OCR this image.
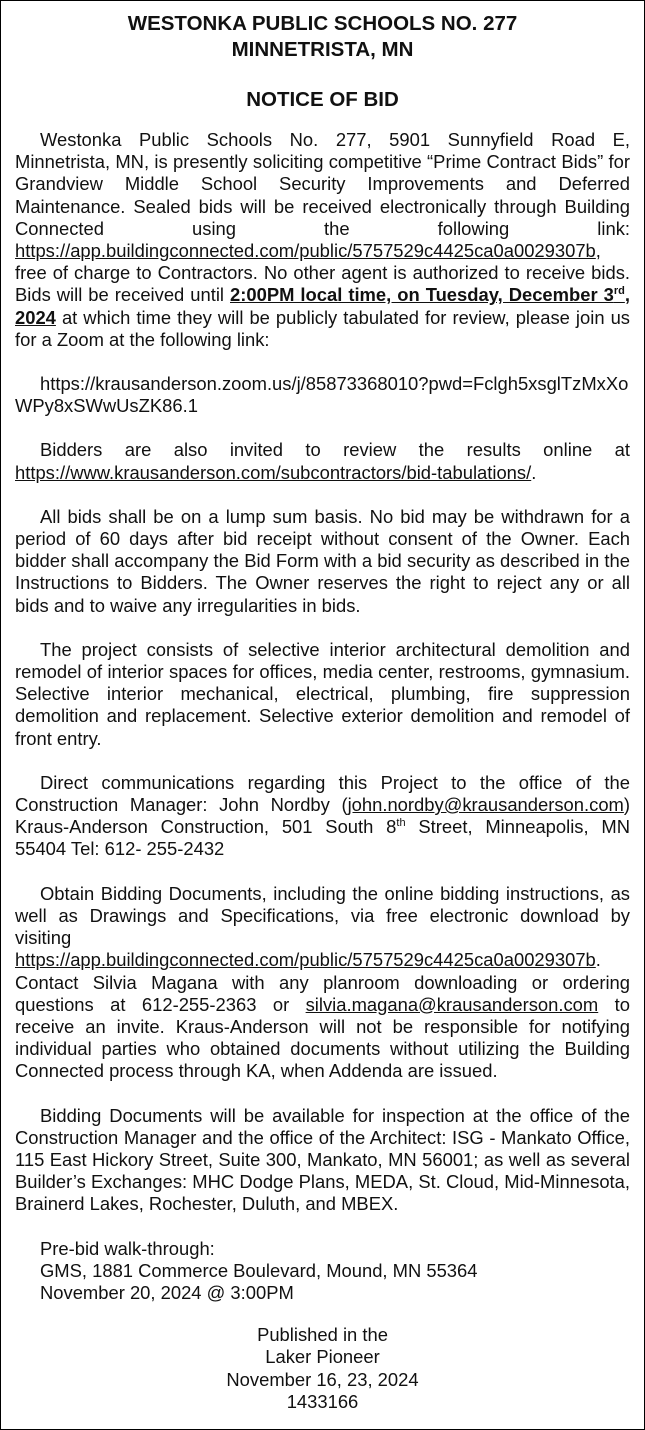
WESTONKA PUBLIC SCHOOLS NO. 277
MINNETRISTA, MN
NOTICE OF BID

Westonka Public Schools No. 277, 5901 Sunnyfield Road E, Minnetrista, MN, is presently soliciting competitive “Prime Contract Bids” for Grandview Middle School Security Improvements and Deferred Maintenance. Sealed bids will be received electronically through Building Connected using the following link: https://app.buildingconnected.com/public/5757529c4425ca0a0029307b, free of charge to Contractors. No other agent is authorized to receive bids. Bids will be received until 2:00PM local time, on Tuesday, December 3rd, 2024 at which time they will be publicly tabulated for review, please join us for a Zoom at the following link:

https://krausanderson.zoom.us/j/85873368010?pwd=Fclgh5xsglTzMxXoWPy8xSWwUsZK86.1

Bidders are also invited to review the results online at https://www.krausanderson.com/subcontractors/bid-tabulations/.

All bids shall be on a lump sum basis. No bid may be withdrawn for a period of 60 days after bid receipt without consent of the Owner. Each bidder shall accompany the Bid Form with a bid security as described in the Instructions to Bidders. The Owner reserves the right to reject any or all bids and to waive any irregularities in bids.

The project consists of selective interior architectural demolition and remodel of interior spaces for offices, media center, restrooms, gymnasium. Selective interior mechanical, electrical, plumbing, fire suppression demolition and replacement. Selective exterior demolition and remodel of front entry.

Direct communications regarding this Project to the office of the Construction Manager: John Nordby (john.nordby@krausanderson.com) Kraus-Anderson Construction, 501 South 8th Street, Minneapolis, MN 55404 Tel: 612- 255-2432

Obtain Bidding Documents, including the online bidding instructions, as well as Drawings and Specifications, via free electronic download by visiting https://app.buildingconnected.com/public/5757529c4425ca0a0029307b. Contact Silvia Magana with any planroom downloading or ordering questions at 612-255-2363 or silvia.magana@krausanderson.com to receive an invite. Kraus-Anderson will not be responsible for notifying individual parties who obtained documents without utilizing the Building Connected process through KA, when Addenda are issued.

Bidding Documents will be available for inspection at the office of the Construction Manager and the office of the Architect: ISG - Mankato Office, 115 East Hickory Street, Suite 300, Mankato, MN 56001; as well as several Builder’s Exchanges: MHC Dodge Plans, MEDA, St. Cloud, Mid-Minnesota, Brainerd Lakes, Rochester, Duluth, and MBEX.

Pre-bid walk-through:
GMS, 1881 Commerce Boulevard, Mound, MN 55364
November 20, 2024 @ 3:00PM
Published in the
Laker Pioneer
November 16, 23, 2024
1433166
